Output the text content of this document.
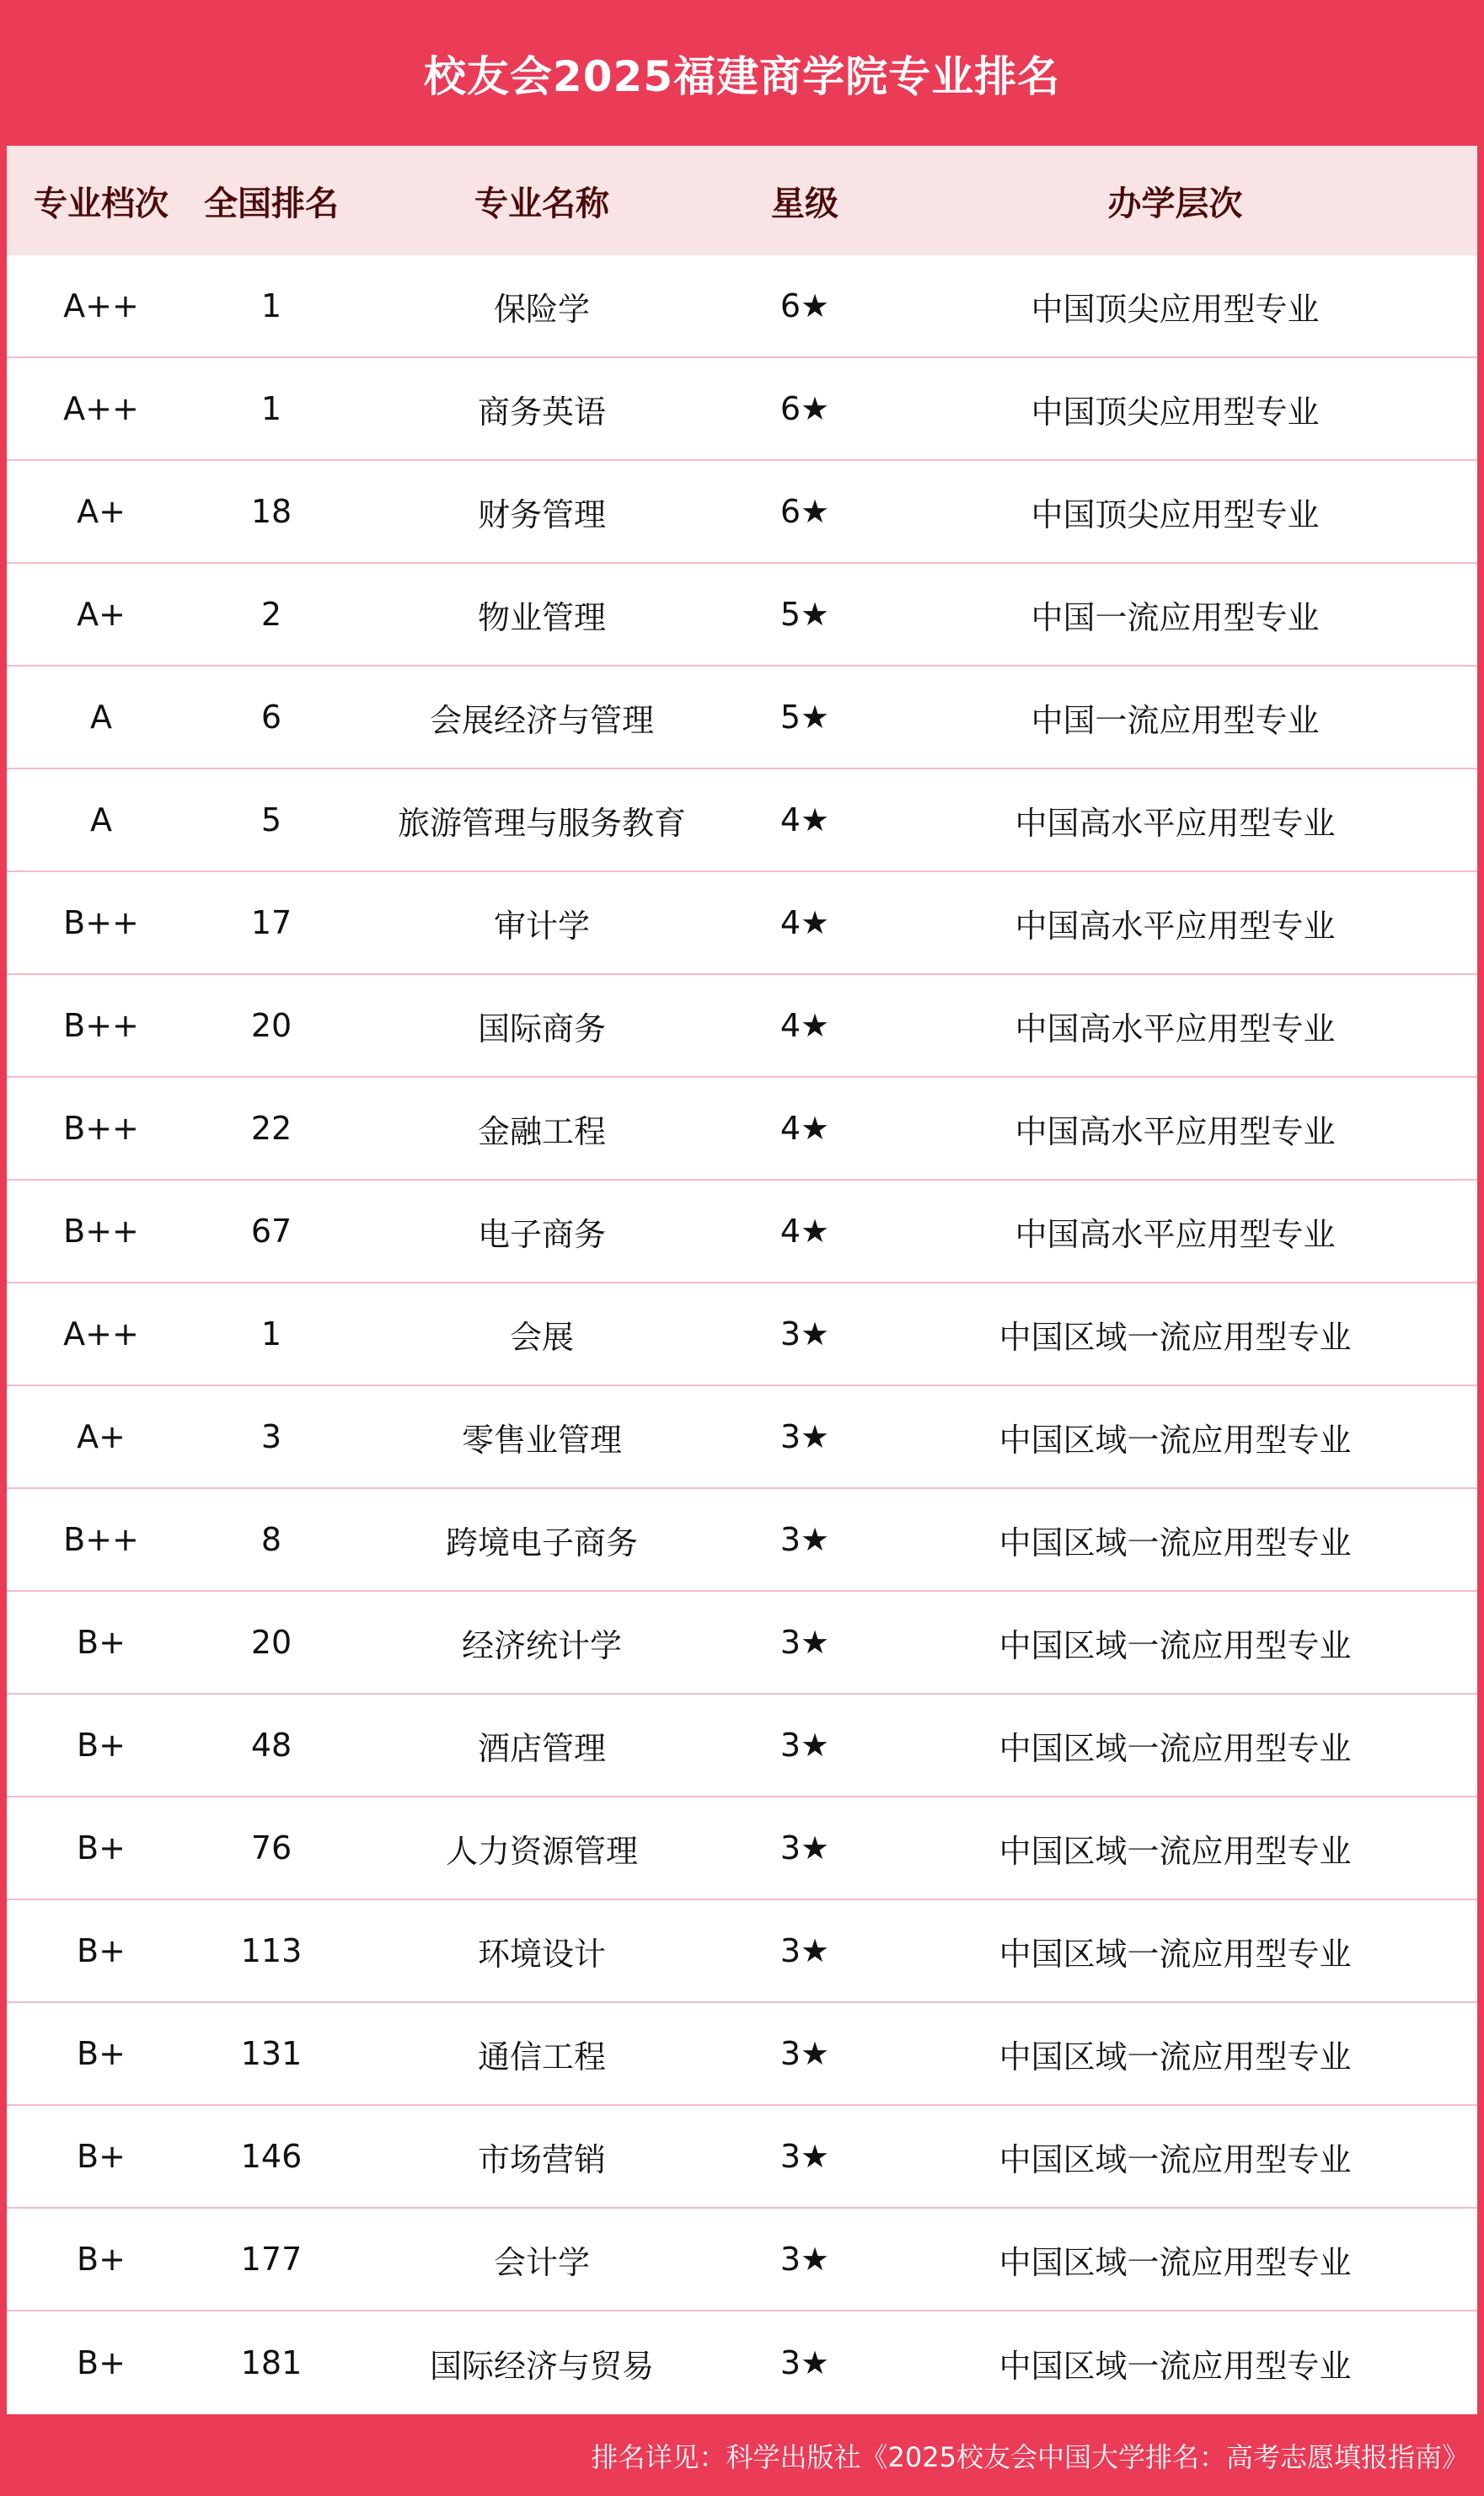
校友会2025福建商学院专业排名
专业档次	全国排名	专业名称	星级	办学层次
A++	1	保险学	6★	中国顶尖应用型专业
A++	1	商务英语	6★	中国顶尖应用型专业
A+	18	财务管理	6★	中国顶尖应用型专业
A+	2	物业管理	5★	中国一流应用型专业
A	6	会展经济与管理	5★	中国一流应用型专业
A	5	旅游管理与服务教育	4★	中国高水平应用型专业
B++	17	审计学	4★	中国高水平应用型专业
B++	20	国际商务	4★	中国高水平应用型专业
B++	22	金融工程	4★	中国高水平应用型专业
B++	67	电子商务	4★	中国高水平应用型专业
A++	1	会展	3★	中国区域一流应用型专业
A+	3	零售业管理	3★	中国区域一流应用型专业
B++	8	跨境电子商务	3★	中国区域一流应用型专业
B+	20	经济统计学	3★	中国区域一流应用型专业
B+	48	酒店管理	3★	中国区域一流应用型专业
B+	76	人力资源管理	3★	中国区域一流应用型专业
B+	113	环境设计	3★	中国区域一流应用型专业
B+	131	通信工程	3★	中国区域一流应用型专业
B+	146	市场营销	3★	中国区域一流应用型专业
B+	177	会计学	3★	中国区域一流应用型专业
B+	181	国际经济与贸易	3★	中国区域一流应用型专业
排名详见：科学出版社《2025校友会中国大学排名：高考志愿填报指南》
